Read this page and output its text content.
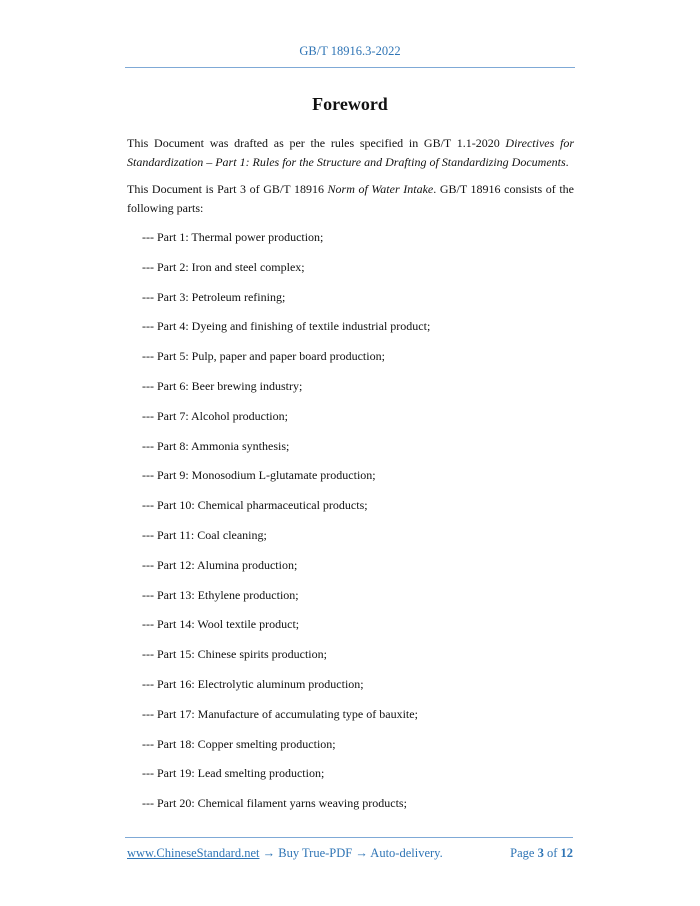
GB/T 18916.3-2022
Foreword

This Document was drafted as per the rules specified in GB/T 1.1-2020 Directives for Standardization – Part 1: Rules for the Structure and Drafting of Standardizing Documents.

This Document is Part 3 of GB/T 18916 Norm of Water Intake. GB/T 18916 consists of the following parts:

--- Part 1: Thermal power production;
--- Part 2: Iron and steel complex;
--- Part 3: Petroleum refining;
--- Part 4: Dyeing and finishing of textile industrial product;
--- Part 5: Pulp, paper and paper board production;
--- Part 6: Beer brewing industry;
--- Part 7: Alcohol production;
--- Part 8: Ammonia synthesis;
--- Part 9: Monosodium L-glutamate production;
--- Part 10: Chemical pharmaceutical products;
--- Part 11: Coal cleaning;
--- Part 12: Alumina production;
--- Part 13: Ethylene production;
--- Part 14: Wool textile product;
--- Part 15: Chinese spirits production;
--- Part 16: Electrolytic aluminum production;
--- Part 17: Manufacture of accumulating type of bauxite;
--- Part 18: Copper smelting production;
--- Part 19: Lead smelting production;
--- Part 20: Chemical filament yarns weaving products;
www.ChineseStandard.net → Buy True-PDF → Auto-delivery.	Page 3 of 12
